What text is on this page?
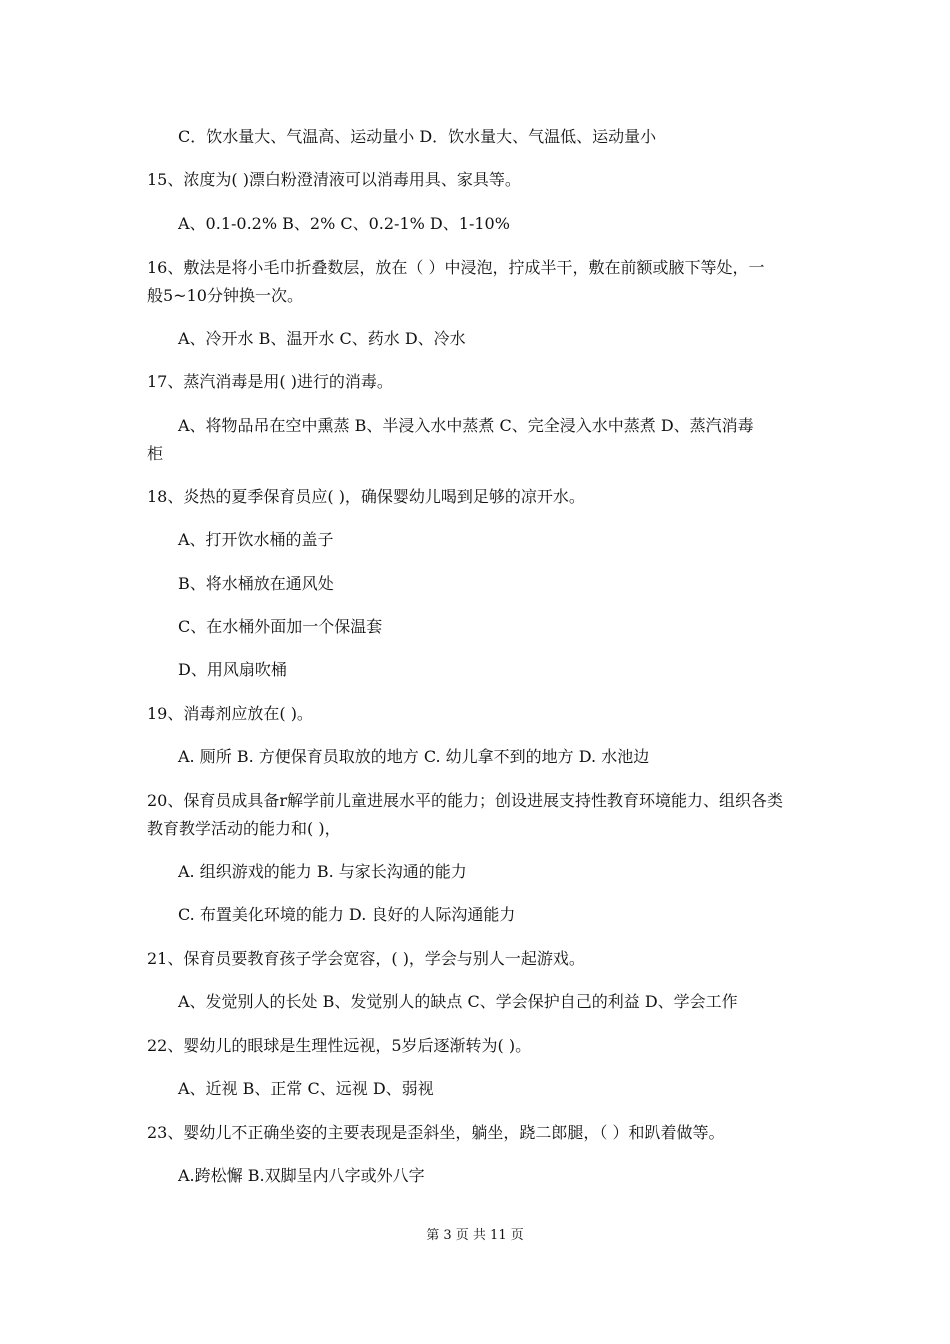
C．饮水量大、气温高、运动量小 D．饮水量大、气温低、运动量小
15、浓度为( )漂白粉澄清液可以消毒用具、家具等。
A、0.1-0.2% B、2% C、0.2-1% D、1-10%
16、敷法是将小毛巾折叠数层，放在（ ）中浸泡，拧成半干，敷在前额或腋下等处，一
般5~10分钟换一次。
A、冷开水 B、温开水 C、药水 D、冷水
17、蒸汽消毒是用( )进行的消毒。
A、将物品吊在空中熏蒸 B、半浸入水中蒸煮 C、完全浸入水中蒸煮 D、蒸汽消毒
柜
18、炎热的夏季保育员应( )，确保婴幼儿喝到足够的凉开水。
A、打开饮水桶的盖子
B、将水桶放在通风处
C、在水桶外面加一个保温套
D、用风扇吹桶
19、消毒剂应放在( )。
A. 厕所 B. 方便保育员取放的地方 C. 幼儿拿不到的地方 D. 水池边
20、保育员成具备r解学前儿童进展水平的能力；创设进展支持性教育环境能力、组织各类
教育教学活动的能力和( )，
A. 组织游戏的能力 B. 与家长沟通的能力
C. 布置美化环境的能力 D. 良好的人际沟通能力
21、保育员要教育孩子学会宽容，( )，学会与别人一起游戏。
A、发觉别人的长处 B、发觉别人的缺点 C、学会保护自己的利益 D、学会工作
22、婴幼儿的眼球是生理性远视，5岁后逐渐转为( )。
A、近视 B、正常 C、远视 D、弱视
23、婴幼儿不正确坐姿的主要表现是歪斜坐，躺坐，跷二郎腿，（ ）和趴着做等。
A.跨松懈 B.双脚呈内八字或外八字
第 3 页 共 11 页
